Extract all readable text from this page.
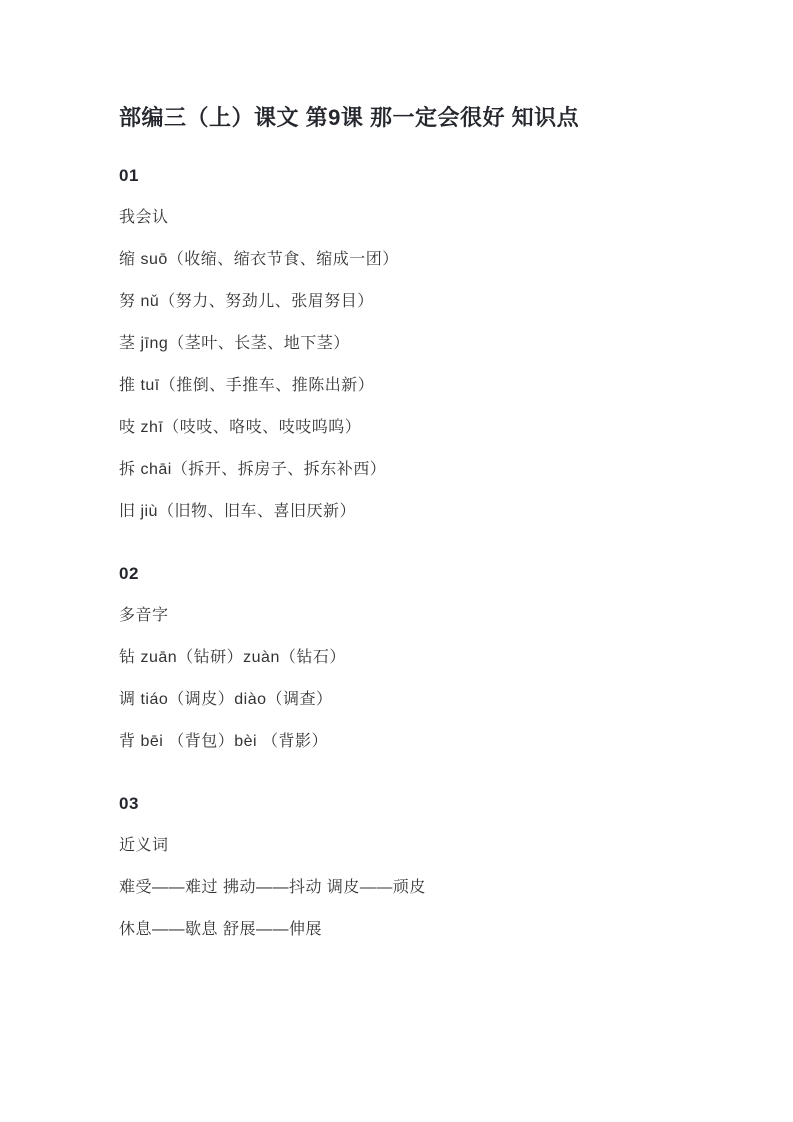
部编三（上）课文 第9课 那一定会很好 知识点

01

我会认

缩 suō（收缩、缩衣节食、缩成一团）

努 nǔ（努力、努劲儿、张眉努目）

茎 jīng（茎叶、长茎、地下茎）

推 tuī（推倒、手推车、推陈出新）

吱 zhī（吱吱、咯吱、吱吱呜呜）

拆 chāi（拆开、拆房子、拆东补西）

旧 jiù（旧物、旧车、喜旧厌新）

02

多音字

钻 zuān（钻研）zuàn（钻石）

调 tiáo（调皮）diào（调查）

背 bēi （背包）bèi （背影）

03

近义词

难受——难过 拂动——抖动 调皮——顽皮

休息——歇息 舒展——伸展
